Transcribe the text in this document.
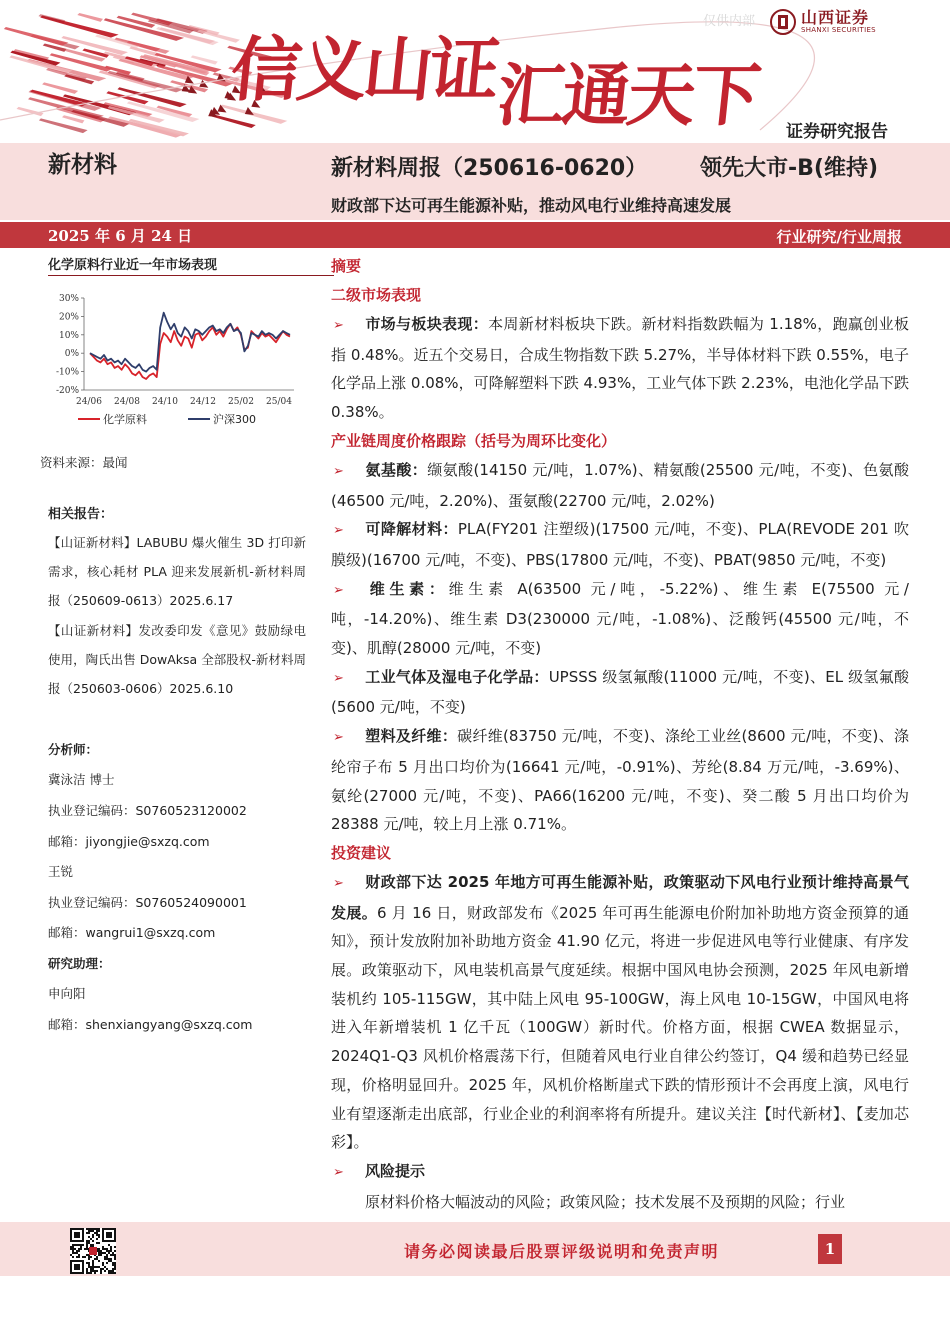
信义山证
汇通天下
仅供内部	山西证券
SHANXI SECURITIES
证券研究报告
新材料	新材料周报（250616-0620） 领先大市-B(维持)
财政部下达可再生能源补贴，推动风电行业维持高速发展
2025 年 6 月 24 日	行业研究/行业周报
化学原料行业近一年市场表现
30%
20%
10%
0%
-10%
-20%
24/06 24/08 24/10 24/12 25/02 25/04
化学原料	沪深300
资料来源：最闻
相关报告：
【山证新材料】LABUBU 爆火催生 3D 打印新需求，核心耗材 PLA 迎来发展新机-新材料周报（250609-0613）2025.6.17
【山证新材料】发改委印发《意见》鼓励绿电使用，陶氏出售 DowAksa 全部股权-新材料周报（250603-0606）2025.6.10
分析师：
冀泳洁 博士
执业登记编码：S0760523120002
邮箱：jiyongjie@sxzq.com
王锐
执业登记编码：S0760524090001
邮箱：wangrui1@sxzq.com
研究助理：
申向阳
邮箱：shenxiangyang@sxzq.com
摘要
二级市场表现
➢ 市场与板块表现：本周新材料板块下跌。新材料指数跌幅为 1.18%，跑赢创业板指 0.48%。近五个交易日，合成生物指数下跌 5.27%，半导体材料下跌 0.55%，电子化学品上涨 0.08%，可降解塑料下跌 4.93%，工业气体下跌 2.23%，电池化学品下跌 0.38%。
产业链周度价格跟踪（括号为周环比变化）
➢ 氨基酸：缬氨酸(14150 元/吨，1.07%)、精氨酸(25500 元/吨，不变)、色氨酸(46500 元/吨，2.20%)、蛋氨酸(22700 元/吨，2.02%)
➢ 可降解材料：PLA(FY201 注塑级)(17500 元/吨，不变)、PLA(REVODE 201 吹膜级)(16700 元/吨，不变)、PBS(17800 元/吨，不变)、PBAT(9850 元/吨，不变)
➢ 维生素：维生素 A(63500 元/吨，-5.22%)、维生素 E(75500 元/吨，-14.20%)、维生素 D3(230000 元/吨，-1.08%)、泛酸钙(45500 元/吨，不变)、肌醇(28000 元/吨，不变)
➢ 工业气体及湿电子化学品：UPSSS 级氢氟酸(11000 元/吨，不变)、EL 级氢氟酸(5600 元/吨，不变)
➢ 塑料及纤维：碳纤维(83750 元/吨，不变)、涤纶工业丝(8600 元/吨，不变)、涤纶帘子布 5 月出口均价为(16641 元/吨，-0.91%)、芳纶(8.84 万元/吨，-3.69%)、氨纶(27000 元/吨，不变)、PA66(16200 元/吨，不变)、癸二酸 5 月出口均价为 28388 元/吨，较上月上涨 0.71%。
投资建议
➢ 财政部下达 2025 年地方可再生能源补贴，政策驱动下风电行业预计维持高景气发展。6 月 16 日，财政部发布《2025 年可再生能源电价附加补助地方资金预算的通知》，预计发放附加补助地方资金 41.90 亿元，将进一步促进风电等行业健康、有序发展。政策驱动下，风电装机高景气度延续。根据中国风电协会预测，2025 年风电新增装机约 105-115GW，其中陆上风电 95-100GW，海上风电 10-15GW，中国风电将进入年新增装机 1 亿千瓦（100GW）新时代。价格方面，根据 CWEA 数据显示，2024Q1-Q3 风机价格震荡下行，但随着风电行业自律公约签订，Q4 缓和趋势已经显现，价格明显回升。2025 年，风机价格断崖式下跌的情形预计不会再度上演，风电行业有望逐渐走出底部，行业企业的利润率将有所提升。建议关注【时代新材】、【麦加芯彩】。
➢ 风险提示
原材料价格大幅波动的风险；政策风险；技术发展不及预期的风险；行业
请务必阅读最后股票评级说明和免责声明	1
